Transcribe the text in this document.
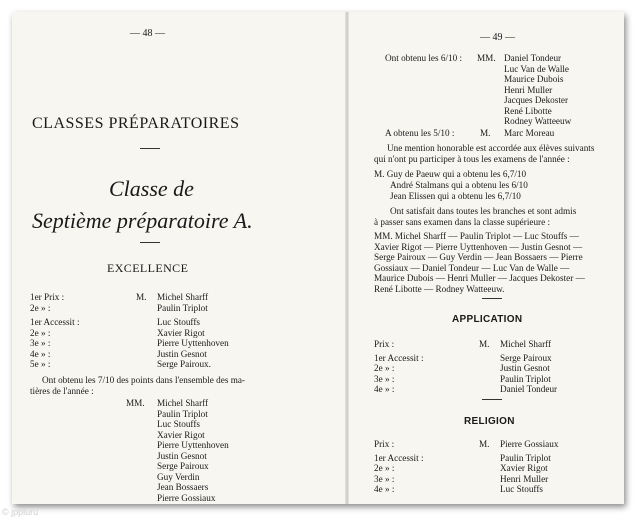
— 48 —
CLASSES PRÉPARATOIRES
Classe de
Septième préparatoire A.
EXCELLENCE
1er Prix :
2e » :
1er Accessit :
2e » :
3e » :
4e » :
5e » :
M. Michel Sharff
Paulin Triplot
Luc Stouffs
Xavier Rigot
Pierre Uyttenhoven
Justin Gesnot
Serge Pairoux.
Ont obtenu les 7/10 des points dans l'ensemble des ma-
tières de l'année :
MM. Michel Sharff
Paulin Triplot
Luc Stouffs
Xavier Rigot
Pierre Uyttenhoven
Justin Gesnot
Serge Pairoux
Guy Verdin
Jean Bossaers
Pierre Gossiaux
— 49 —
Ont obtenu les 6/10 : MM. Daniel Tondeur
Luc Van de Walle
Maurice Dubois
Henri Muller
Jacques Dekoster
René Libotte
Rodney Watteeuw
A obtenu les 5/10 :	M. Marc Moreau
Une mention honorable est accordée aux élèves suivants
qui n'ont pu participer à tous les examens de l'année :
M. Guy de Paeuw qui a obtenu les 6,7/10
André Stalmans qui a obtenu les 6/10
Jean Elissen qui a obtenu les 6,7/10
Ont satisfait dans toutes les branches et sont admis
à passer sans examen dans la classe supérieure :
MM. Michel Sharff — Paulin Triplot — Luc Stouffs —
Xavier Rigot — Pierre Uyttenhoven — Justin Gesnot —
Serge Pairoux — Guy Verdin — Jean Bossaers — Pierre
Gossiaux — Daniel Tondeur — Luc Van de Walle —
Maurice Dubois — Henri Muller — Jacques Dekoster —
René Libotte — Rodney Watteeuw.
APPLICATION
Prix :
1er Accessit :
2e » :
3e » :
4e » :
M. Michel Sharff
Serge Pairoux
Justin Gesnot
Paulin Triplot
Daniel Tondeur
RELIGION
Prix :
1er Accessit :
2e » :
3e » :
4e » :
M. Pierre Gossiaux
Paulin Triplot
Xavier Rigot
Henri Muller
Luc Stouffs
© jppluru
